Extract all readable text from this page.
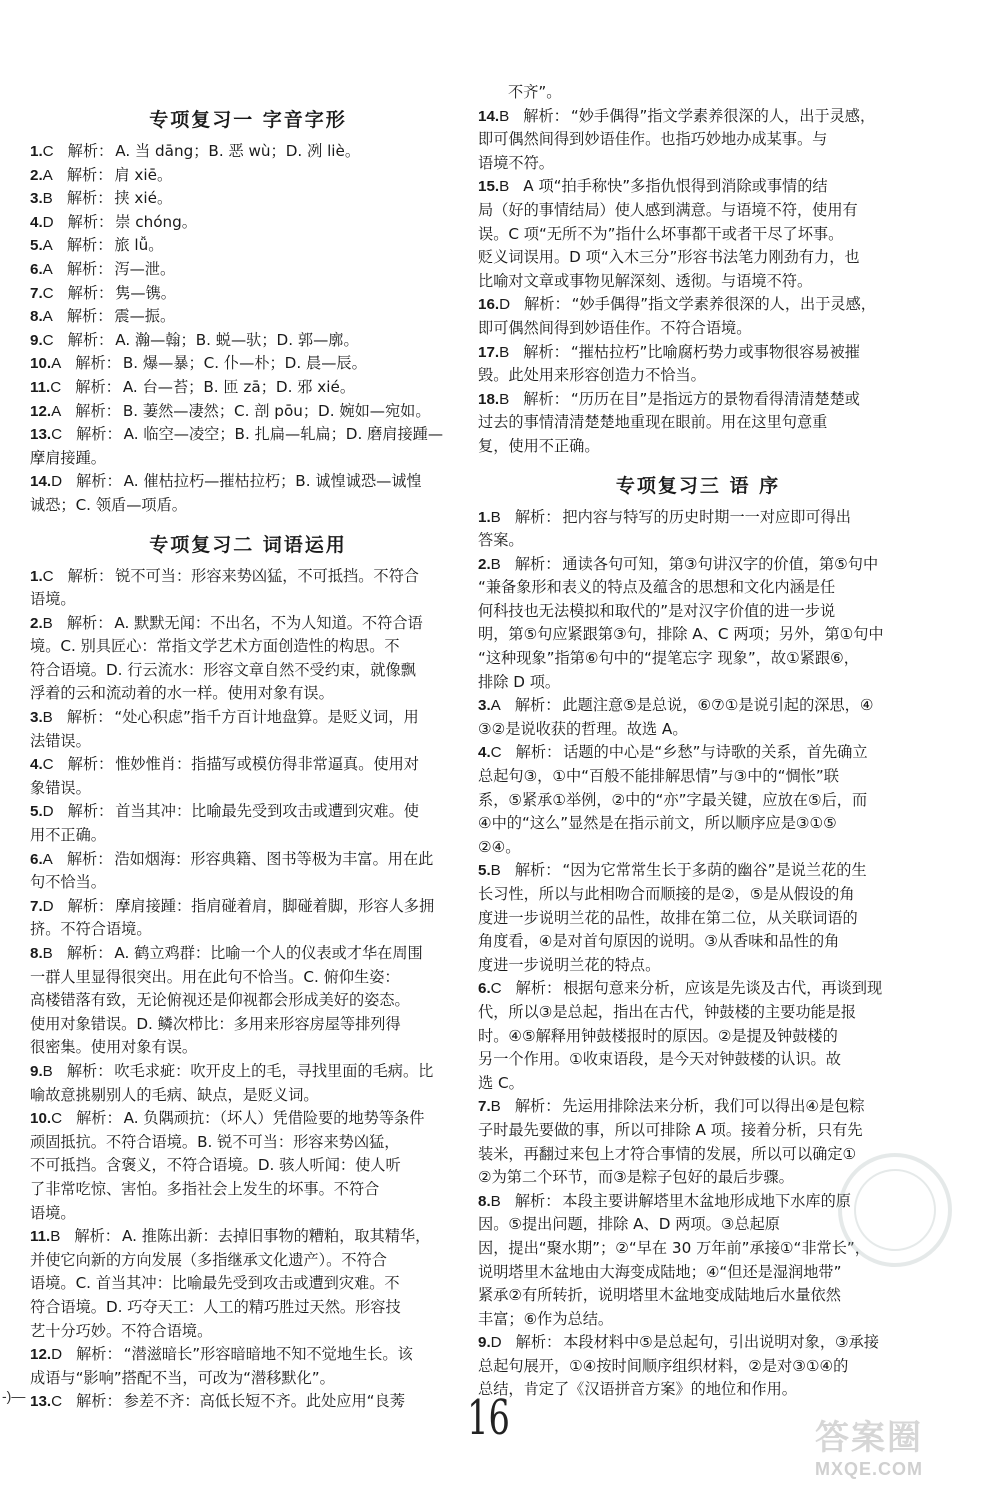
专项复习一 字音字形
1.C 解析： A. 当 dāng；B. 恶 wù；D. 冽 liè。
2.A 解析： 肩 xiē。
3.B 解析： 挟 xié。
4.D 解析： 崇 chóng。
5.A 解析： 旅 lǚ。
6.A 解析： 泻—泄。
7.C 解析： 隽—镌。
8.A 解析： 震—振。
9.C 解析： A. 瀚—翰；B. 蜕—驮；D. 郭—廓。
10.A 解析： B. 爆—暴；C. 仆—朴；D. 晨—辰。
11.C 解析： A. 台—苔；B. 匝 zā；D. 邪 xié。
12.A 解析： B. 萋然—凄然；C. 剖 pōu；D. 婉如—宛如。
13.C 解析： A. 临空—凌空；B. 扎扁—轧扁；D. 磨肩接踵—
摩肩接踵。
14.D 解析： A. 催枯拉朽—摧枯拉朽；B. 诚惶诚恐—诚惶
诚恐；C. 领盾—项盾。
专项复习二 词语运用
1.C 解析： 锐不可当：形容来势凶猛，不可抵挡。不符合
语境。
2.B 解析： A. 默默无闻：不出名，不为人知道。不符合语
境。C. 别具匠心：常指文学艺术方面创造性的构思。不
符合语境。D. 行云流水：形容文章自然不受约束，就像飘
浮着的云和流动着的水一样。使用对象有误。
3.B 解析： “处心积虑”指千方百计地盘算。是贬义词，用
法错误。
4.C 解析： 惟妙惟肖：指描写或模仿得非常逼真。使用对
象错误。
5.D 解析： 首当其冲：比喻最先受到攻击或遭到灾难。使
用不正确。
6.A 解析： 浩如烟海：形容典籍、图书等极为丰富。用在此
句不恰当。
7.D 解析： 摩肩接踵：指肩碰着肩，脚碰着脚，形容人多拥
挤。不符合语境。
8.B 解析： A. 鹤立鸡群：比喻一个人的仪表或才华在周围
一群人里显得很突出。用在此句不恰当。C. 俯仰生姿：
高楼错落有致，无论俯视还是仰视都会形成美好的姿态。
使用对象错误。D. 鳞次栉比：多用来形容房屋等排列得
很密集。使用对象有误。
9.B 解析： 吹毛求疵：吹开皮上的毛，寻找里面的毛病。比
喻故意挑剔别人的毛病、缺点，是贬义词。
10.C 解析： A. 负隅顽抗：（坏人）凭借险要的地势等条件
顽固抵抗。不符合语境。B. 锐不可当：形容来势凶猛，
不可抵挡。含褒义，不符合语境。D. 骇人听闻：使人听
了非常吃惊、害怕。多指社会上发生的坏事。不符合
语境。
11.B 解析： A. 推陈出新：去掉旧事物的糟粕，取其精华，
并使它向新的方向发展（多指继承文化遗产）。不符合
语境。C. 首当其冲：比喻最先受到攻击或遭到灾难。不
符合语境。D. 巧夺天工：人工的精巧胜过天然。形容技
艺十分巧妙。不符合语境。
12.D 解析： “潜滋暗长”形容暗暗地不知不觉地生长。该
成语与“影响”搭配不当，可改为“潜移默化”。
13.C 解析： 参差不齐：高低长短不齐。此处应用“良莠
不齐”。
14.B 解析： “妙手偶得”指文学素养很深的人，出于灵感，
即可偶然间得到妙语佳作。也指巧妙地办成某事。与
语境不符。
15.B A 项“拍手称快”多指仇恨得到消除或事情的结
局（好的事情结局）使人感到满意。与语境不符，使用有
误。C 项“无所不为”指什么坏事都干或者干尽了坏事。
贬义词误用。D 项“入木三分”形容书法笔力刚劲有力，也
比喻对文章或事物见解深刻、透彻。与语境不符。
16.D 解析： “妙手偶得”指文学素养很深的人，出于灵感，
即可偶然间得到妙语佳作。不符合语境。
17.B 解析： “摧枯拉朽”比喻腐朽势力或事物很容易被摧
毁。此处用来形容创造力不恰当。
18.B 解析： “历历在目”是指远方的景物看得清清楚楚或
过去的事情清清楚楚地重现在眼前。用在这里句意重
复，使用不正确。
专项复习三 语 序
1.B 解析： 把内容与特写的历史时期一一对应即可得出
答案。
2.B 解析： 通读各句可知，第③句讲汉字的价值，第⑤句中
“兼备象形和表义的特点及蕴含的思想和文化内涵是任
何科技也无法模拟和取代的”是对汉字价值的进一步说
明，第⑤句应紧跟第③句，排除 A、C 两项；另外，第①句中
“这种现象”指第⑥句中的“提笔忘字 现象”，故①紧跟⑥，
排除 D 项。
3.A 解析： 此题注意⑤是总说，⑥⑦①是说引起的深思，④
③②是说收获的哲理。故选 A。
4.C 解析： 话题的中心是“乡愁”与诗歌的关系，首先确立
总起句③，①中“百般不能排解思情”与③中的“惆怅”联
系，⑤紧承①举例，②中的“亦”字最关键，应放在⑤后，而
④中的“这么”显然是在指示前文，所以顺序应是③①⑤
②④。
5.B 解析： “因为它常常生长于多荫的幽谷”是说兰花的生
长习性，所以与此相吻合而顺接的是②，⑤是从假设的角
度进一步说明兰花的品性，故排在第二位，从关联词语的
角度看，④是对首句原因的说明。③从香味和品性的角
度进一步说明兰花的特点。
6.C 解析： 根据句意来分析，应该是先谈及古代，再谈到现
代，所以③是总起，指出在古代，钟鼓楼的主要功能是报
时。④⑤解释用钟鼓楼报时的原因。②是提及钟鼓楼的
另一个作用。①收束语段，是今天对钟鼓楼的认识。故
选 C。
7.B 解析： 先运用排除法来分析，我们可以得出④是包粽
子时最先要做的事，所以可排除 A 项。接着分析，只有先
装米，再翻过来包上才符合事情的发展，所以可以确定①
②为第二个环节，而③是粽子包好的最后步骤。
8.B 解析： 本段主要讲解塔里木盆地形成地下水库的原
因。⑤提出问题，排除 A、D 两项。③总起原
因，提出“聚水期”；②“早在 30 万年前”承接①“非常长”，
说明塔里木盆地由大海变成陆地；④“但还是湿润地带”
紧承②有所转折，说明塔里木盆地变成陆地后水量依然
丰富；⑥作为总结。
9.D 解析： 本段材料中⑤是总起句，引出说明对象，③承接
总起句展开，①④按时间顺序组织材料，②是对③①④的
总结，肯定了《汉语拼音方案》的地位和作用。
-)—	16	答案圈
MXQE.COM
